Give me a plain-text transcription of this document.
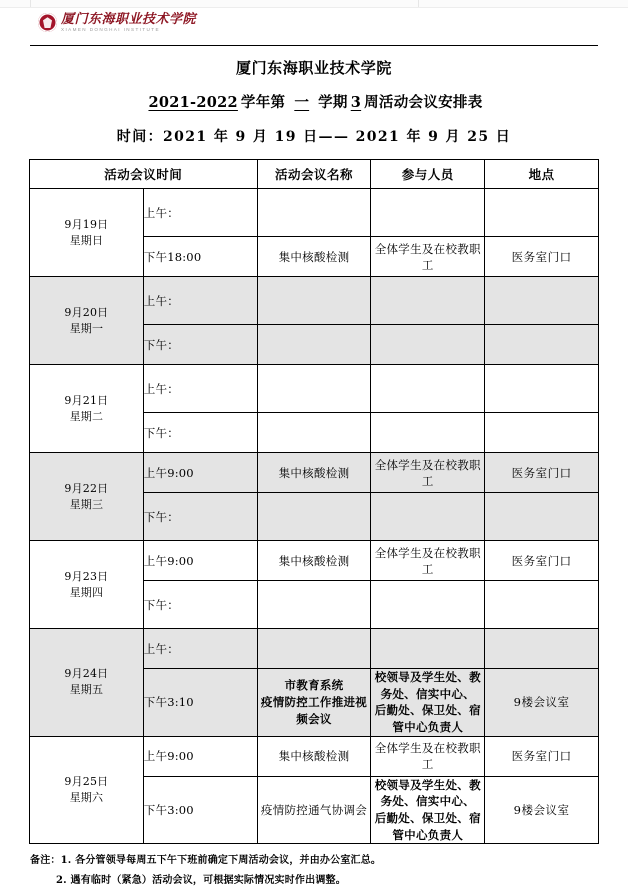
厦门东海职业技术学院
XIAMEN DONGHAI INSTITUTE
厦门东海职业技术学院
2021-2022 学年第 一 学期 3 周活动会议安排表
时间：2021 年 9 月 19 日—— 2021 年 9 月 25 日
活动会议时间		活动会议名称	参与人员	地点

9月19日
星期日	上午：			
	下午18:00	集中核酸检测	全体学生及在校教职工	医务室门口

9月20日
星期一	上午：			
	下午：			

9月21日
星期二	上午：			
	下午：			

9月22日
星期三	上午9:00	集中核酸检测	全体学生及在校教职工	医务室门口
	下午：			

9月23日
星期四	上午9:00	集中核酸检测	全体学生及在校教职工	医务室门口
	下午：			

9月24日
星期五	上午：			
	下午3:10	市教育系统
疫情防控工作推进视频会议	校领导及学生处、教务处、信实中心、
后勤处、保卫处、宿管中心负责人	9楼会议室

9月25日
星期六	上午9:00	集中核酸检测	全体学生及在校教职工	医务室门口
	下午3:00	疫情防控通气协调会	校领导及学生处、教务处、信实中心、
后勤处、保卫处、宿管中心负责人	9楼会议室
备注：1. 各分管领导每周五下午下班前确定下周活动会议，并由办公室汇总。
2. 遇有临时（紧急）活动会议，可根据实际情况实时作出调整。
